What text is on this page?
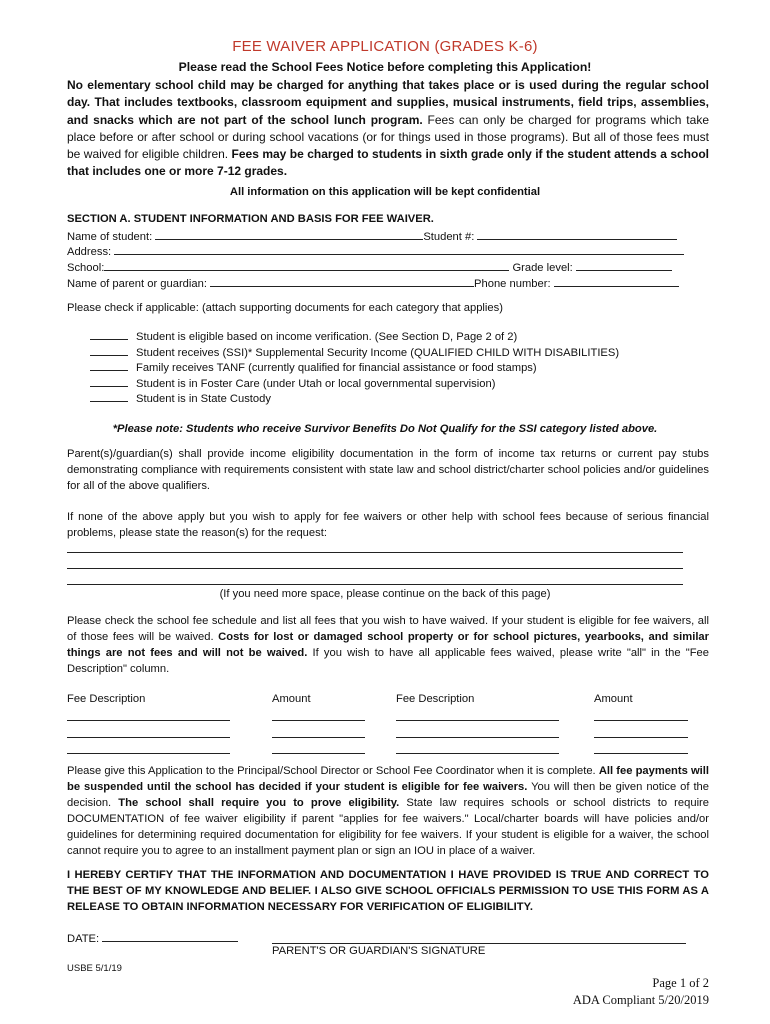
FEE WAIVER APPLICATION (GRADES K-6)
Please read the School Fees Notice before completing this Application!
No elementary school child may be charged for anything that takes place or is used during the regular school day. That includes textbooks, classroom equipment and supplies, musical instruments, field trips, assemblies, and snacks which are not part of the school lunch program. Fees can only be charged for programs which take place before or after school or during school vacations (or for things used in those programs). But all of those fees must be waived for eligible children. Fees may be charged to students in sixth grade only if the student attends a school that includes one or more 7-12 grades.
All information on this application will be kept confidential
SECTION A. STUDENT INFORMATION AND BASIS FOR FEE WAIVER.
Name of student:	Student #:
Address:
School:	Grade level:
Name of parent or guardian:	Phone number:
Please check if applicable: (attach supporting documents for each category that applies)
Student is eligible based on income verification. (See Section D, Page 2 of 2)
Student receives (SSI)* Supplemental Security Income (QUALIFIED CHILD WITH DISABILITIES)
Family receives TANF (currently qualified for financial assistance or food stamps)
Student is in Foster Care (under Utah or local governmental supervision)
Student is in State Custody
*Please note: Students who receive Survivor Benefits Do Not Qualify for the SSI category listed above.
Parent(s)/guardian(s) shall provide income eligibility documentation in the form of income tax returns or current pay stubs demonstrating compliance with requirements consistent with state law and school district/charter school policies and/or guidelines for all of the above qualifiers.
If none of the above apply but you wish to apply for fee waivers or other help with school fees because of serious financial problems, please state the reason(s) for the request:
(If you need more space, please continue on the back of this page)
Please check the school fee schedule and list all fees that you wish to have waived. If your student is eligible for fee waivers, all of those fees will be waived. Costs for lost or damaged school property or for school pictures, yearbooks, and similar things are not fees and will not be waived. If you wish to have all applicable fees waived, please write "all" in the "Fee Description" column.
Fee Description	Amount	Fee Description	Amount
Please give this Application to the Principal/School Director or School Fee Coordinator when it is complete. All fee payments will be suspended until the school has decided if your student is eligible for fee waivers. You will then be given notice of the decision. The school shall require you to prove eligibility. State law requires schools or school districts to require DOCUMENTATION of fee waiver eligibility if parent "applies for fee waivers." Local/charter boards will have policies and/or guidelines for determining required documentation for eligibility for fee waivers. If your student is eligible for a waiver, the school cannot require you to agree to an installment payment plan or sign an IOU in place of a waiver.
I HEREBY CERTIFY THAT THE INFORMATION AND DOCUMENTATION I HAVE PROVIDED IS TRUE AND CORRECT TO THE BEST OF MY KNOWLEDGE AND BELIEF. I ALSO GIVE SCHOOL OFFICIALS PERMISSION TO USE THIS FORM AS A RELEASE TO OBTAIN INFORMATION NECESSARY FOR VERIFICATION OF ELIGIBILITY.
DATE:
PARENT'S OR GUARDIAN'S SIGNATURE
USBE 5/1/19
Page 1 of 2
ADA Compliant 5/20/2019
